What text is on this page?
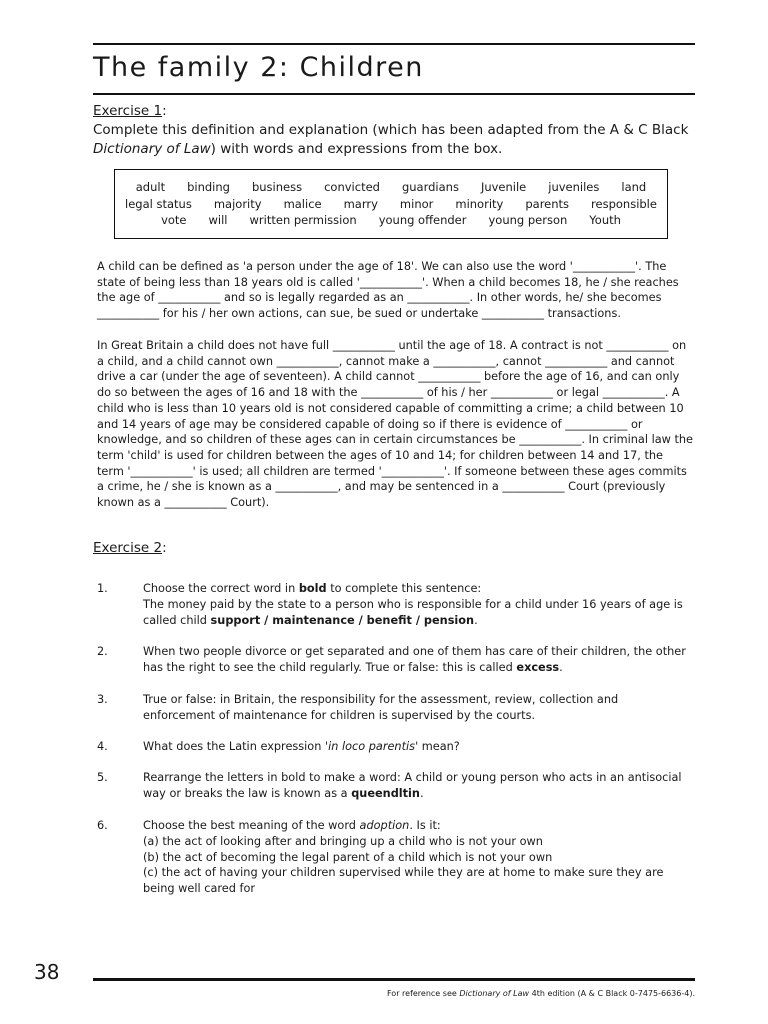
The family 2: Children
Exercise 1:

Complete this definition and explanation (which has been adapted from the A & C Black Dictionary of Law) with words and expressions from the box.

adult binding business convicted guardians Juvenile juveniles land
legal status majority malice marry minor minority parents responsible
vote will written permission young offender young person Youth

A child can be defined as 'a person under the age of 18'. We can also use the word '___________'. The state of being less than 18 years old is called '___________'. When a child becomes 18, he / she reaches the age of ___________ and so is legally regarded as an ___________. In other words, he/ she becomes ___________ for his / her own actions, can sue, be sued or undertake ___________ transactions.

In Great Britain a child does not have full ___________ until the age of 18. A contract is not ___________ on a child, and a child cannot own ___________, cannot make a ___________, cannot ___________ and cannot drive a car (under the age of seventeen). A child cannot ___________ before the age of 16, and can only do so between the ages of 16 and 18 with the ___________ of his / her ___________ or legal ___________. A child who is less than 10 years old is not considered capable of committing a crime; a child between 10 and 14 years of age may be considered capable of doing so if there is evidence of ___________ or knowledge, and so children of these ages can in certain circumstances be ___________. In criminal law the term 'child' is used for children between the ages of 10 and 14; for children between 14 and 17, the term '___________' is used; all children are termed '___________'. If someone between these ages commits a crime, he / she is known as a ___________, and may be sentenced in a ___________ Court (previously known as a ___________ Court).

Exercise 2:
1.	Choose the correct word in bold to complete this sentence:
The money paid by the state to a person who is responsible for a child under 16 years of age is called child support / maintenance / benefit / pension.
2.	When two people divorce or get separated and one of them has care of their children, the other has the right to see the child regularly. True or false: this is called excess.
3.	True or false: in Britain, the responsibility for the assessment, review, collection and enforcement of maintenance for children is supervised by the courts.
4.	What does the Latin expression 'in loco parentis' mean?
5.	Rearrange the letters in bold to make a word: A child or young person who acts in an antisocial way or breaks the law is known as a queendltin.
6.	Choose the best meaning of the word adoption. Is it:
(a) the act of looking after and bringing up a child who is not your own
(b) the act of becoming the legal parent of a child which is not your own
(c) the act of having your children supervised while they are at home to make sure they are being well cared for
38
For reference see Dictionary of Law 4th edition (A & C Black 0-7475-6636-4).
